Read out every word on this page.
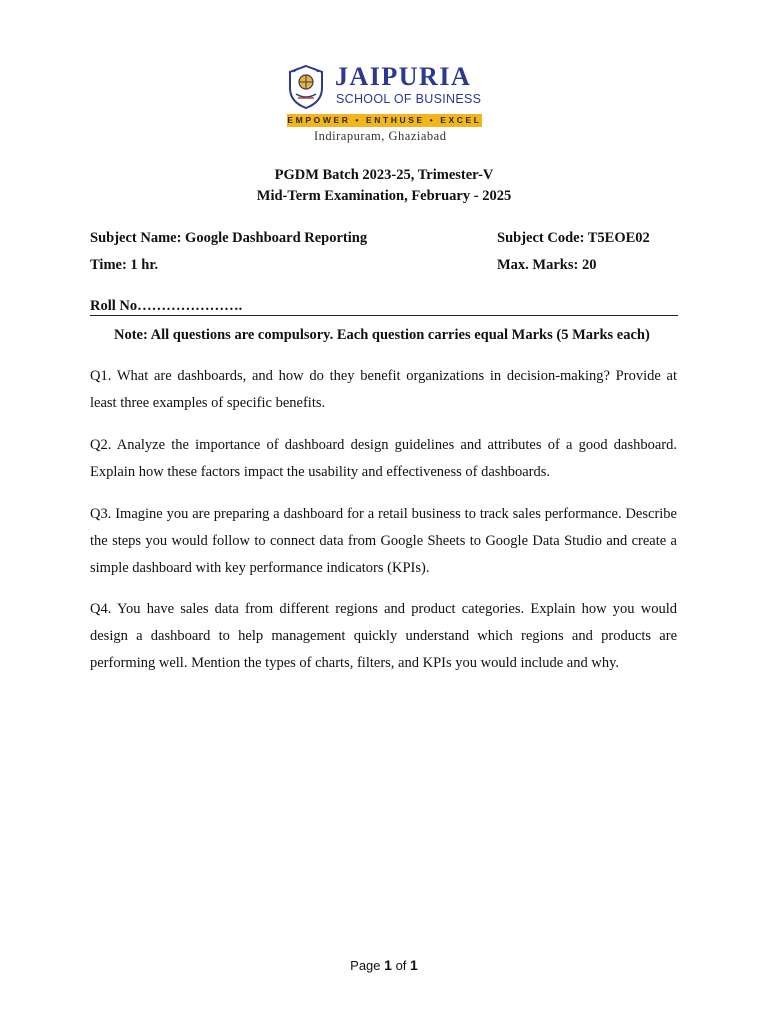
JAIPURIA
SCHOOL OF BUSINESS
EMPOWER • ENTHUSE • EXCEL
Indirapuram, Ghaziabad
PGDM Batch 2023-25, Trimester-V
Mid-Term Examination, February - 2025
Subject Name: Google Dashboard Reporting	Subject Code: T5EOE02
Time: 1 hr.	Max. Marks: 20
Roll No………………….
Note: All questions are compulsory. Each question carries equal Marks (5 Marks each)
Q1. What are dashboards, and how do they benefit organizations in decision-making? Provide at least three examples of specific benefits.
Q2. Analyze the importance of dashboard design guidelines and attributes of a good dashboard. Explain how these factors impact the usability and effectiveness of dashboards.
Q3. Imagine you are preparing a dashboard for a retail business to track sales performance. Describe the steps you would follow to connect data from Google Sheets to Google Data Studio and create a simple dashboard with key performance indicators (KPIs).
Q4. You have sales data from different regions and product categories. Explain how you would design a dashboard to help management quickly understand which regions and products are performing well. Mention the types of charts, filters, and KPIs you would include and why.
Page 1 of 1
